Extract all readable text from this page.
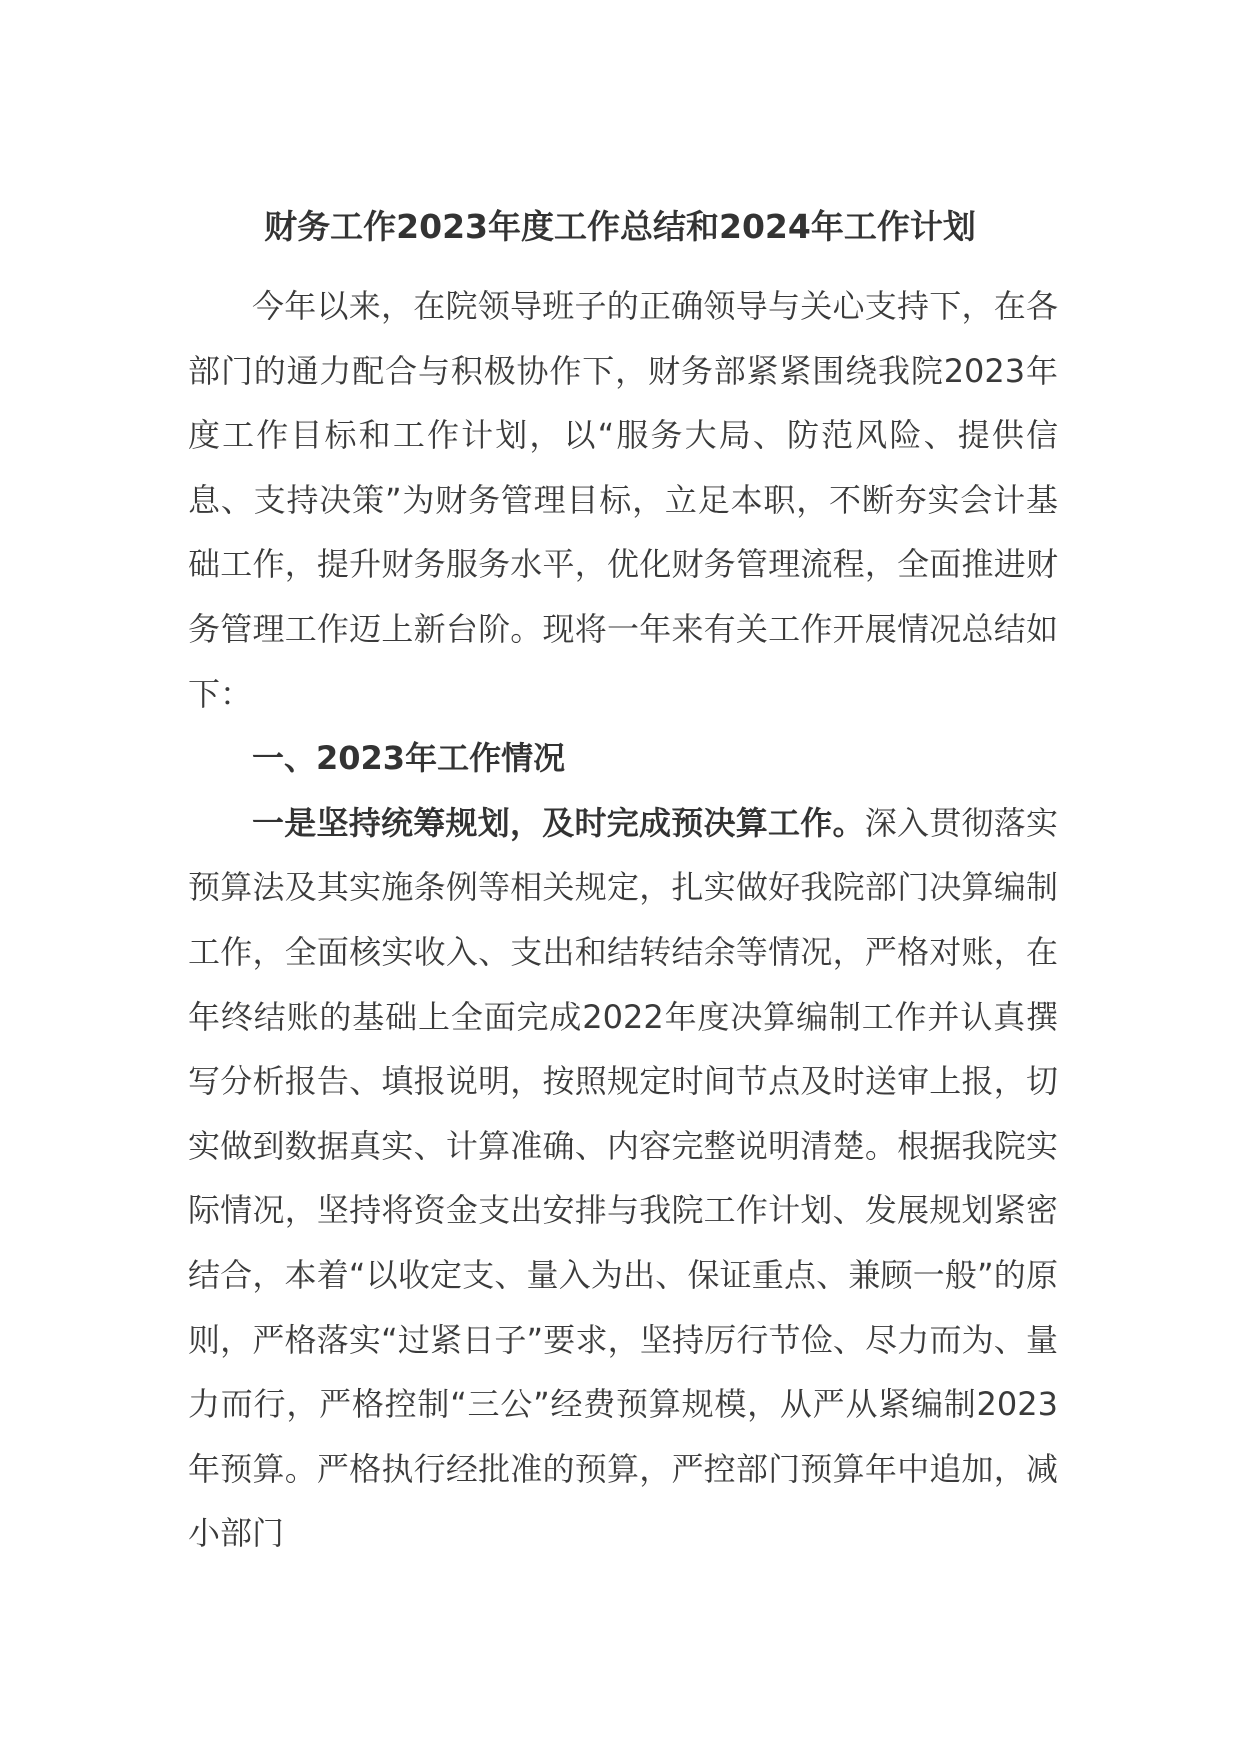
财务工作2023年度工作总结和2024年工作计划

今年以来，在院领导班子的正确领导与关心支持下，在各部门的通力配合与积极协作下，财务部紧紧围绕我院2023年度工作目标和工作计划，以“服务大局、防范风险、提供信息、支持决策”为财务管理目标，立足本职，不断夯实会计基础工作，提升财务服务水平，优化财务管理流程，全面推进财务管理工作迈上新台阶。现将一年来有关工作开展情况总结如下：

一、2023年工作情况

一是坚持统筹规划，及时完成预决算工作。深入贯彻落实预算法及其实施条例等相关规定，扎实做好我院部门决算编制工作，全面核实收入、支出和结转结余等情况，严格对账，在年终结账的基础上全面完成2022年度决算编制工作并认真撰写分析报告、填报说明，按照规定时间节点及时送审上报，切实做到数据真实、计算准确、内容完整说明清楚。根据我院实际情况，坚持将资金支出安排与我院工作计划、发展规划紧密结合，本着“以收定支、量入为出、保证重点、兼顾一般”的原则，严格落实“过紧日子”要求，坚持厉行节俭、尽力而为、量力而行，严格控制“三公”经费预算规模，从严从紧编制2023年预算。严格执行经批准的预算，严控部门预算年中追加，减小部门
